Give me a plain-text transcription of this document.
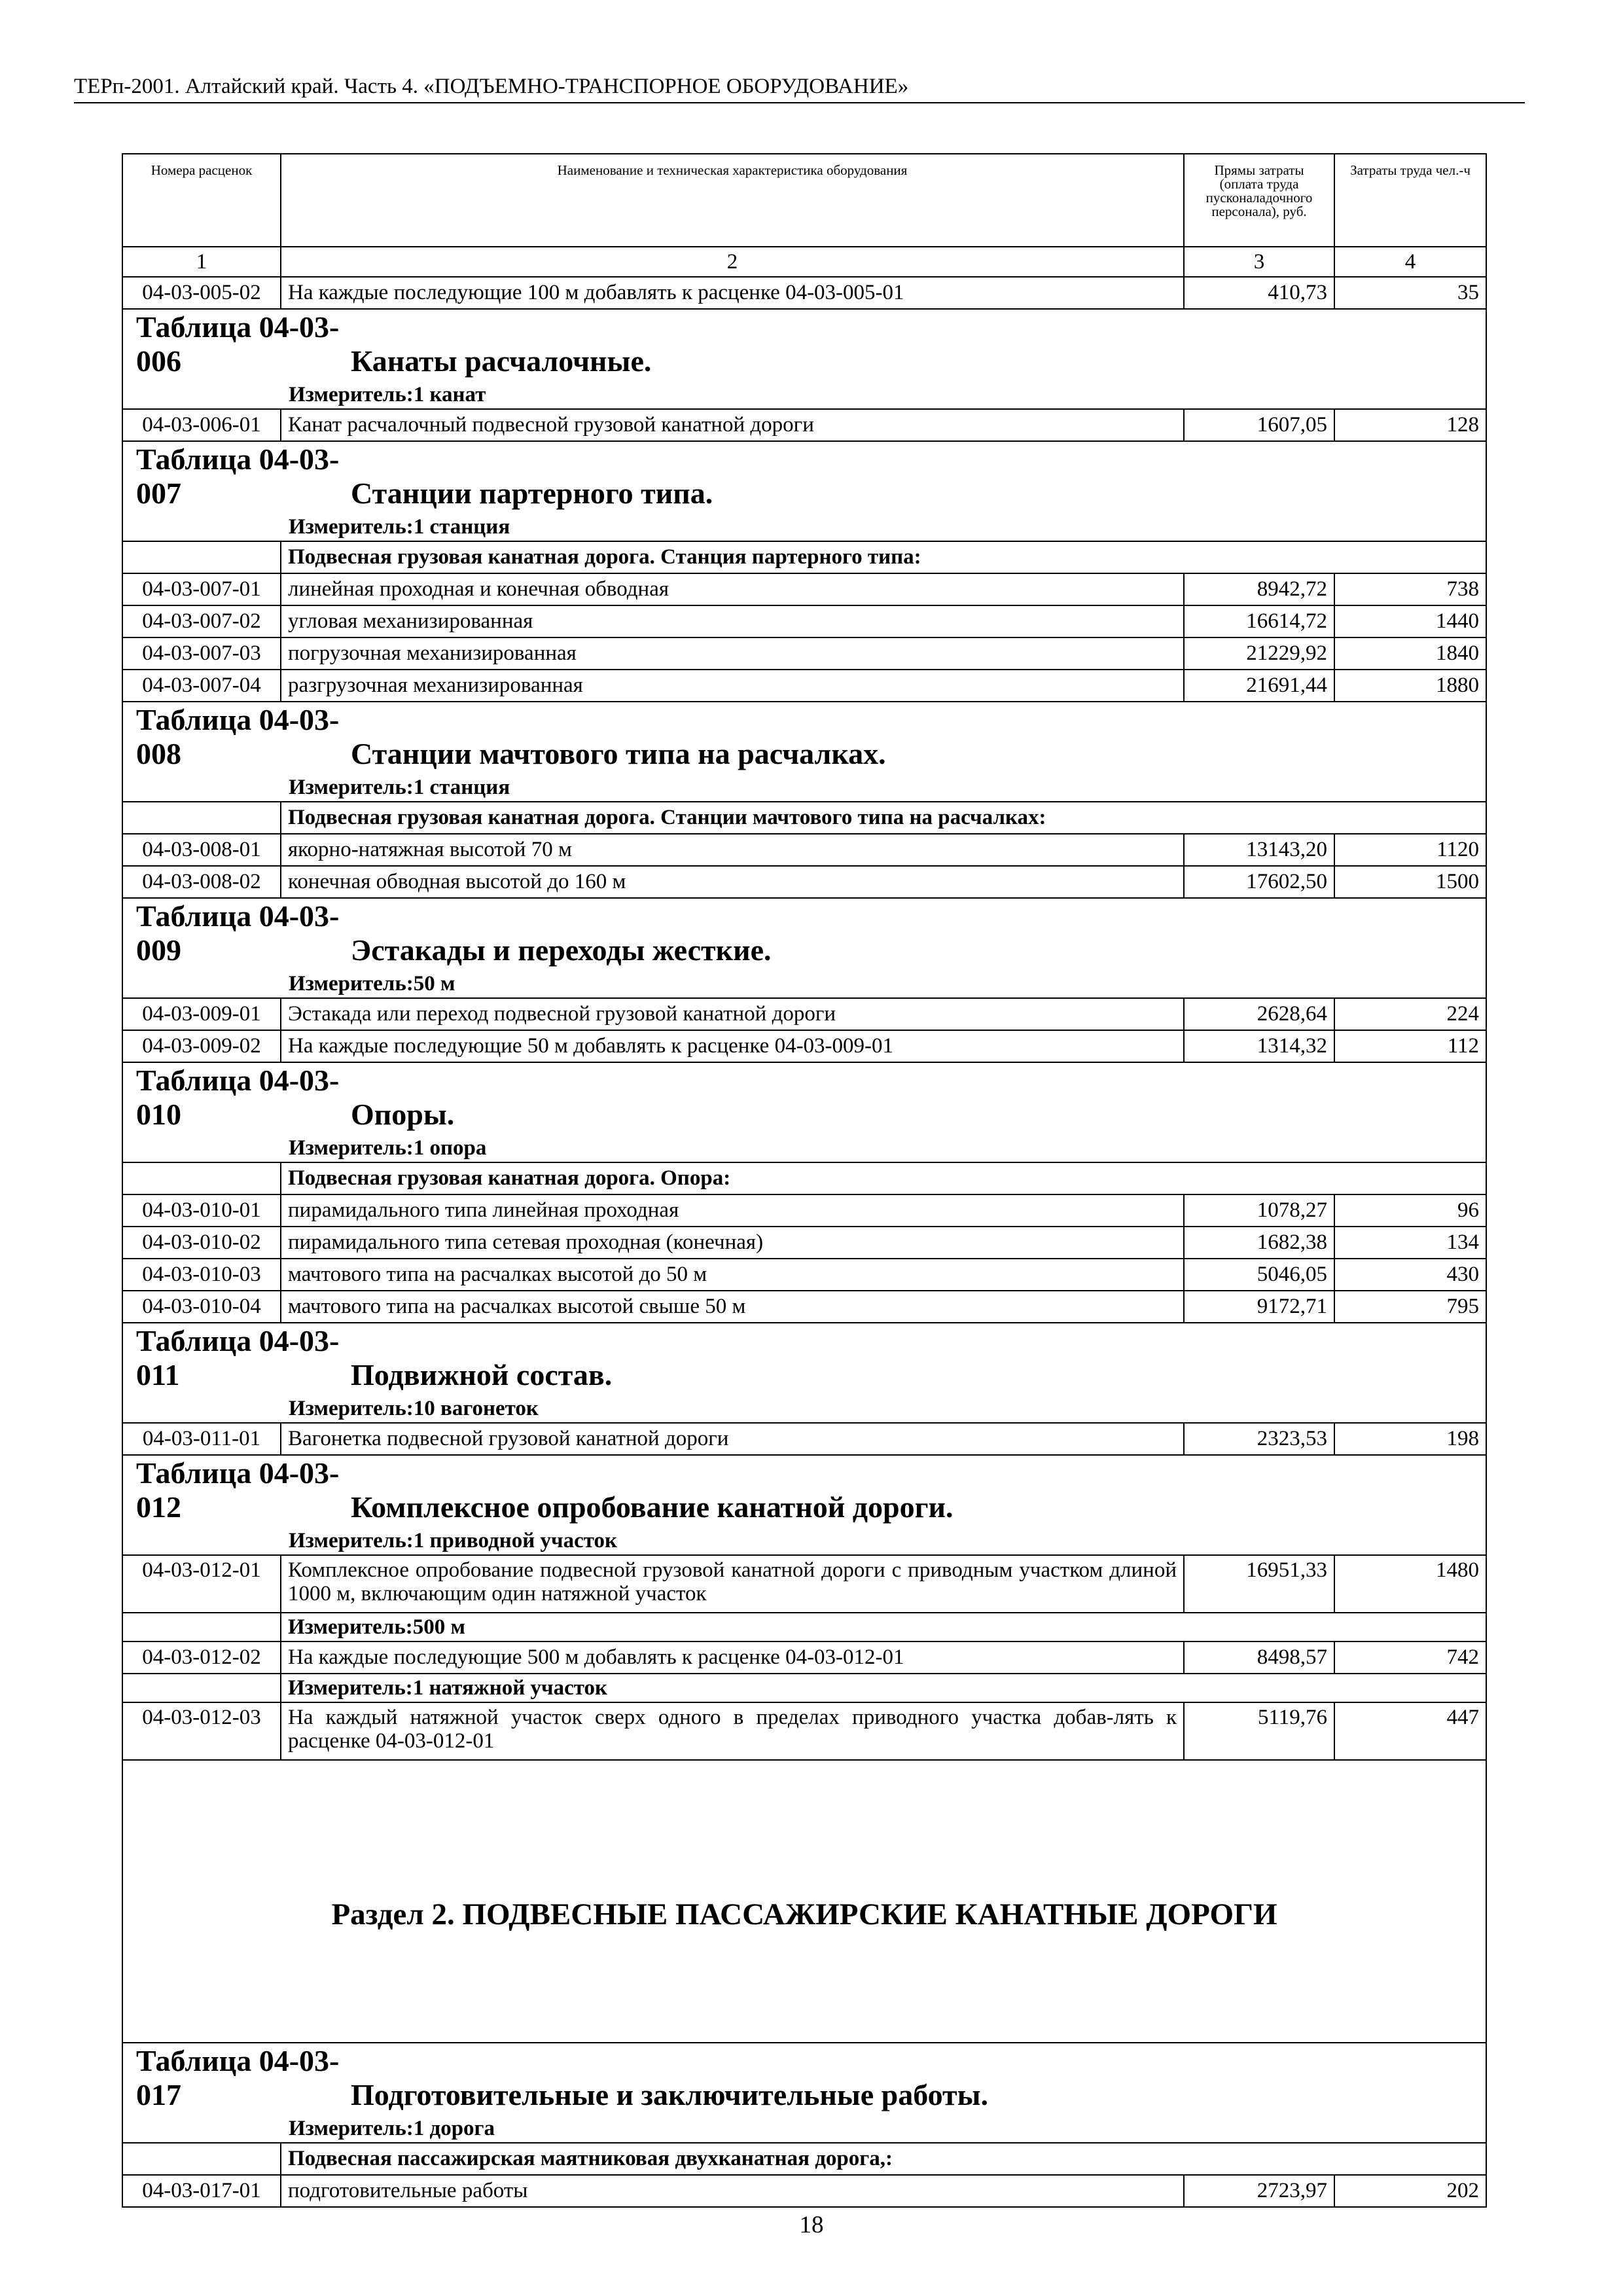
ТЕРп-2001. Алтайский край. Часть 4. «ПОДЪЕМНО-ТРАНСПОРНОЕ ОБОРУДОВАНИЕ»
Номера расценок	Наименование и техническая характеристика оборудования	Прямы затраты (оплата труда пусконаладочного персонала), руб.	Затраты труда чел.-ч
1	2	3	4
04-03-005-02	На каждые последующие 100 м добавлять к расценке 04-03-005-01	410,73	35
Таблица 04-03-006 Канаты расчалочные.			
Измеритель:1 канат			
04-03-006-01	Канат расчалочный подвесной грузовой канатной дороги	1607,05	128
Таблица 04-03-007 Станции партерного типа.			
Измеритель:1 станция			
	Подвесная грузовая канатная дорога. Станция партерного типа:		
04-03-007-01	линейная проходная и конечная обводная	8942,72	738
04-03-007-02	угловая механизированная	16614,72	1440
04-03-007-03	погрузочная механизированная	21229,92	1840
04-03-007-04	разгрузочная механизированная	21691,44	1880
Таблица 04-03-008 Станции мачтового типа на расчалках.			
Измеритель:1 станция			
	Подвесная грузовая канатная дорога. Станции мачтового типа на расчалках:		
04-03-008-01	якорно-натяжная высотой 70 м	13143,20	1120
04-03-008-02	конечная обводная высотой до 160 м	17602,50	1500
Таблица 04-03-009 Эстакады и переходы жесткие.			
Измеритель:50 м			
04-03-009-01	Эстакада или переход подвесной грузовой канатной дороги	2628,64	224
04-03-009-02	На каждые последующие 50 м добавлять к расценке 04-03-009-01	1314,32	112
Таблица 04-03-010 Опоры.			
Измеритель:1 опора			
	Подвесная грузовая канатная дорога. Опора:		
04-03-010-01	пирамидального типа линейная проходная	1078,27	96
04-03-010-02	пирамидального типа сетевая проходная (конечная)	1682,38	134
04-03-010-03	мачтового типа на расчалках высотой до 50 м	5046,05	430
04-03-010-04	мачтового типа на расчалках высотой свыше 50 м	9172,71	795
Таблица 04-03-011 Подвижной состав.			
Измеритель:10 вагонеток			
04-03-011-01	Вагонетка подвесной грузовой канатной дороги	2323,53	198
Таблица 04-03-012 Комплексное опробование канатной дороги.			
Измеритель:1 приводной участок			
04-03-012-01	Комплексное опробование подвесной грузовой канатной дороги с приводным участком длиной 1000 м, включающим один натяжной участок	16951,33	1480
	Измеритель:500 м		
04-03-012-02	На каждые последующие 500 м добавлять к расценке 04-03-012-01	8498,57	742
	Измеритель:1 натяжной участок		
04-03-012-03	На каждый натяжной участок сверх одного в пределах приводного участка добав-лять к расценке 04-03-012-01	5119,76	447
Раздел 2. ПОДВЕСНЫЕ ПАССАЖИРСКИЕ КАНАТНЫЕ ДОРОГИ			
Таблица 04-03-017 Подготовительные и заключительные работы.			
Измеритель:1 дорога			
	Подвесная пассажирская маятниковая двухканатная дорога,:		
04-03-017-01	подготовительные работы	2723,97	202
18
